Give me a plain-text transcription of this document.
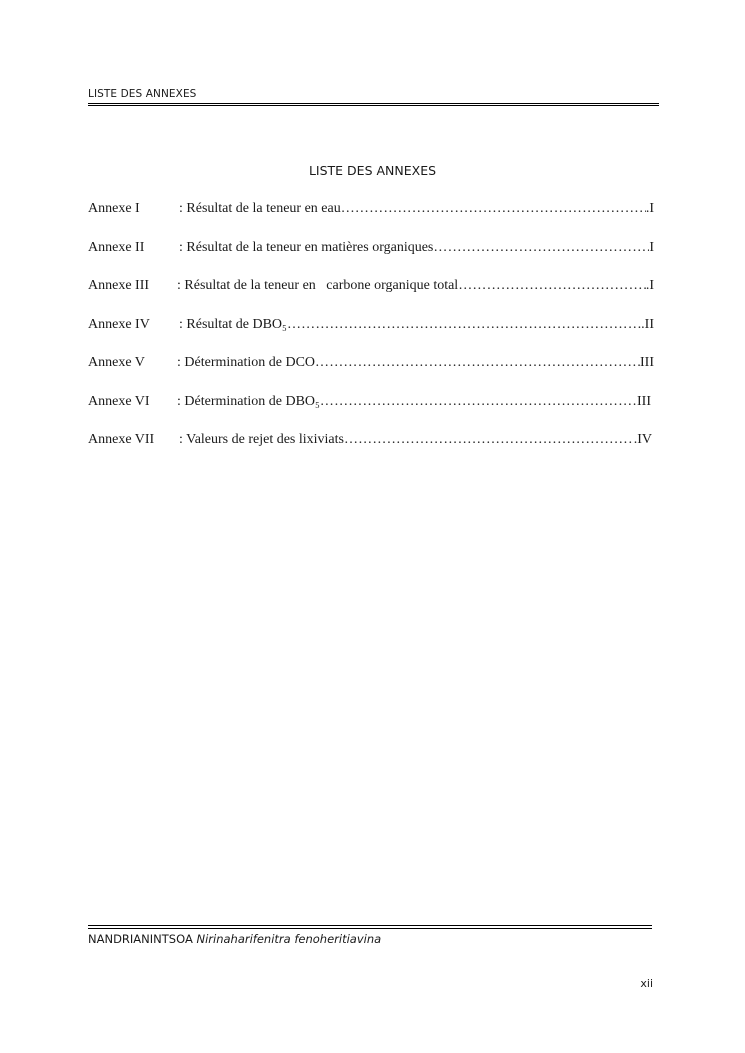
LISTE DES ANNEXES
LISTE DES ANNEXES
Annexe I	: Résultat de la teneur en eau ……………………………………………………………………………………………………………………………………	.I
Annexe II	: Résultat de la teneur en matières organiques ……………………………………………………………………………………………………………………………………	I
Annexe III	: Résultat de la teneur en   carbone organique total ……………………………………………………………………………………………………………………………………	.I
Annexe IV	: Résultat de DBO₅ ……………………………………………………………………………………………………………………………………	.II
Annexe V	: Détermination de DCO ……………………………………………………………………………………………………………………………………	III
Annexe VI	: Détermination de DBO₅ ……………………………………………………………………………………………………………………………………	III
Annexe VII	: Valeurs de rejet des lixiviats ……………………………………………………………………………………………………………………………………	.IV
NANDRIANINTSOA Nirinaharifenitra fenoheritiavina
xii
